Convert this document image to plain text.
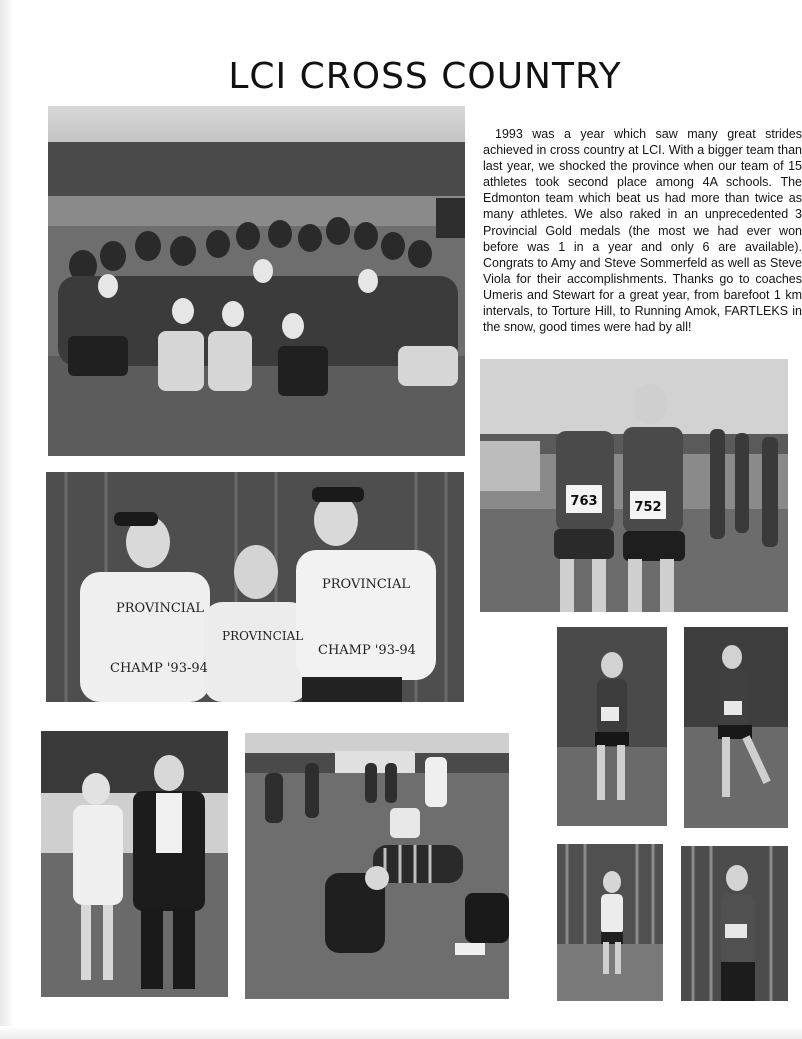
LCI CROSS COUNTRY
1993 was a year which saw many great strides achieved in cross country at LCI. With a bigger team than last year, we shocked the province when our team of 15 athletes took second place among 4A schools. The Edmonton team which beat us had more than twice as many athletes. We also raked in an unprecedented 3 Provincial Gold medals (the most we had ever won before was 1 in a year and only 6 are available). Congrats to Amy and Steve Sommerfeld as well as Steve Viola for their accomplishments. Thanks go to coaches Umeris and Stewart for a great year, from barefoot 1 km intervals, to Torture Hill, to Running Amok, FARTLEKS in the snow, good times were had by all!
PROVINCIAL
CHAMP '93-94
PROVINCIAL
PROVINCIAL
CHAMP '93-94
763	752
